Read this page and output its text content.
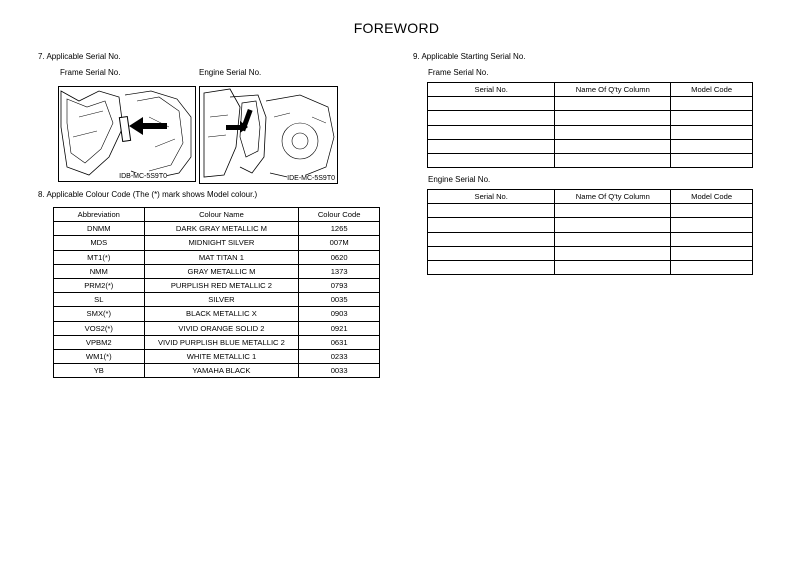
FOREWORD
7. Applicable Serial No.
Frame Serial No.	Engine Serial No.
IDB-MC-5S9T0	IDE-MC-5S9T0
8. Applicable Colour Code (The (*) mark shows Model colour.)
Abbreviation	Colour Name	Colour Code
DNMM	DARK GRAY METALLIC M	1265
MDS	MIDNIGHT SILVER	007M
MT1(*)	MAT TITAN 1	0620
NMM	GRAY METALLIC M	1373
PRM2(*)	PURPLISH RED METALLIC 2	0793
SL	SILVER	0035
SMX(*)	BLACK METALLIC X	0903
VOS2(*)	VIVID ORANGE SOLID 2	0921
VPBM2	VIVID PURPLISH BLUE METALLIC 2	0631
WM1(*)	WHITE METALLIC 1	0233
YB	YAMAHA BLACK	0033
9. Applicable Starting Serial No.
Frame Serial No.
Serial No.	Name Of Q'ty Column	Model Code

Engine Serial No.
Serial No.	Name Of Q'ty Column	Model Code
